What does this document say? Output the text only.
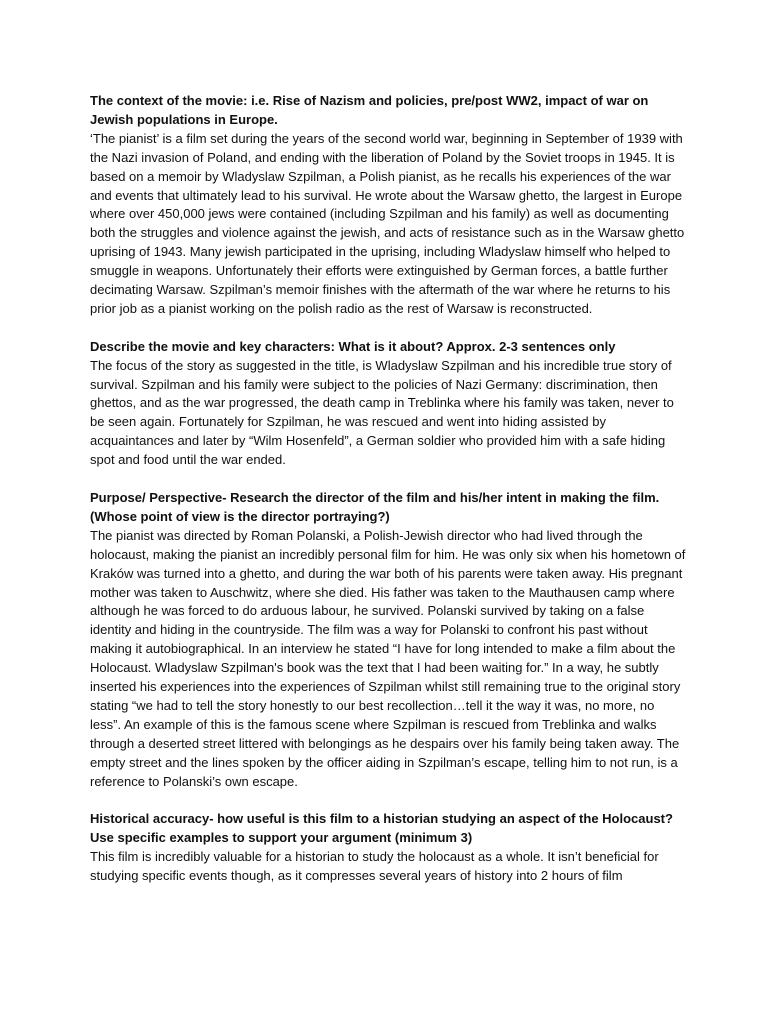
The context of the movie: i.e. Rise of Nazism and policies, pre/post WW2, impact of war on Jewish populations in Europe.

‘The pianist’ is a film set during the years of the second world war, beginning in September of 1939 with the Nazi invasion of Poland, and ending with the liberation of Poland by the Soviet troops in 1945. It is based on a memoir by Wladyslaw Szpilman, a Polish pianist, as he recalls his experiences of the war and events that ultimately lead to his survival. He wrote about the Warsaw ghetto, the largest in Europe where over 450,000 jews were contained (including Szpilman and his family) as well as documenting both the struggles and violence against the jewish, and acts of resistance such as in the Warsaw ghetto uprising of 1943. Many jewish participated in the uprising, including Wladyslaw himself who helped to smuggle in weapons. Unfortunately their efforts were extinguished by German forces, a battle further decimating Warsaw. Szpilman’s memoir finishes with the aftermath of the war where he returns to his prior job as a pianist working on the polish radio as the rest of Warsaw is reconstructed.

Describe the movie and key characters: What is it about? Approx. 2-3 sentences only

The focus of the story as suggested in the title, is Wladyslaw Szpilman and his incredible true story of survival. Szpilman and his family were subject to the policies of Nazi Germany: discrimination, then ghettos, and as the war progressed, the death camp in Treblinka where his family was taken, never to be seen again. Fortunately for Szpilman, he was rescued and went into hiding assisted by acquaintances and later by “Wilm Hosenfeld”, a German soldier who provided him with a safe hiding spot and food until the war ended.

Purpose/ Perspective- Research the director of the film and his/her intent in making the film. (Whose point of view is the director portraying?)

The pianist was directed by Roman Polanski, a Polish-Jewish director who had lived through the holocaust, making the pianist an incredibly personal film for him. He was only six when his hometown of Kraków was turned into a ghetto, and during the war both of his parents were taken away. His pregnant mother was taken to Auschwitz, where she died. His father was taken to the Mauthausen camp where although he was forced to do arduous labour, he survived. Polanski survived by taking on a false identity and hiding in the countryside. The film was a way for Polanski to confront his past without making it autobiographical. In an interview he stated “I have for long intended to make a film about the Holocaust. Wladyslaw Szpilman's book was the text that I had been waiting for.” In a way, he subtly inserted his experiences into the experiences of Szpilman whilst still remaining true to the original story stating “we had to tell the story honestly to our best recollection…tell it the way it was, no more, no less”. An example of this is the famous scene where Szpilman is rescued from Treblinka and walks through a deserted street littered with belongings as he despairs over his family being taken away. The empty street and the lines spoken by the officer aiding in Szpilman’s escape, telling him to not run, is a reference to Polanski’s own escape.

Historical accuracy- how useful is this film to a historian studying an aspect of the Holocaust? Use specific examples to support your argument (minimum 3)

This film is incredibly valuable for a historian to study the holocaust as a whole. It isn’t beneficial for studying specific events though, as it compresses several years of history into 2 hours of film
